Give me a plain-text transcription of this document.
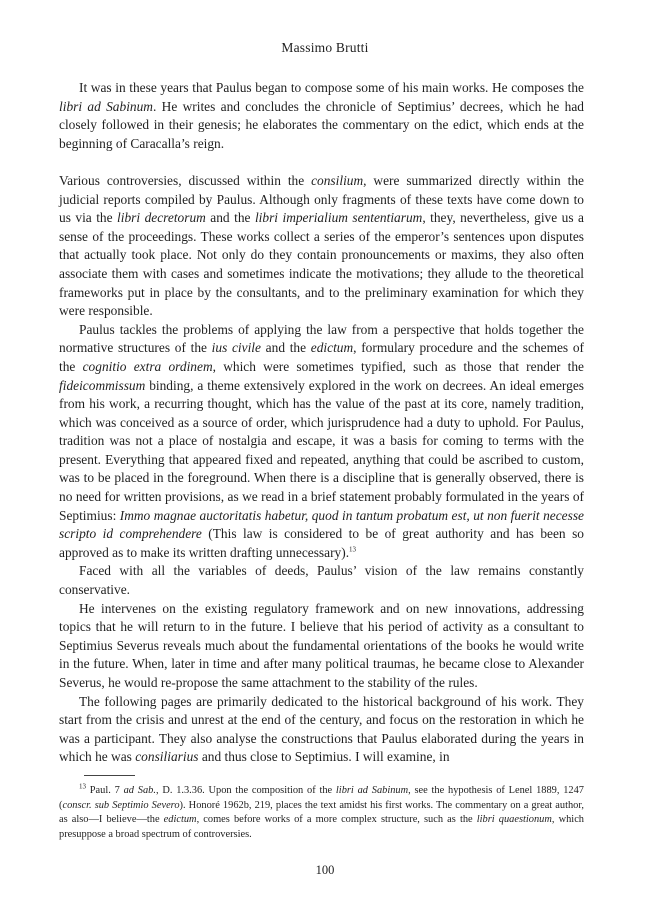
Massimo Brutti

It was in these years that Paulus began to compose some of his main works. He composes the libri ad Sabinum. He writes and concludes the chronicle of Septimius’ decrees, which he had closely followed in their genesis; he elaborates the commentary on the edict, which ends at the beginning of Caracalla’s reign.

Various controversies, discussed within the consilium, were summarized directly within the judicial reports compiled by Paulus. Although only fragments of these texts have come down to us via the libri decretorum and the libri imperialium sententiarum, they, nevertheless, give us a sense of the proceedings. These works collect a series of the emperor’s sentences upon disputes that actually took place. Not only do they contain pronouncements or maxims, they also often associate them with cases and sometimes indicate the motivations; they allude to the theoretical frameworks put in place by the consultants, and to the preliminary examination for which they were responsible.

Paulus tackles the problems of applying the law from a perspective that holds together the normative structures of the ius civile and the edictum, formulary procedure and the schemes of the cognitio extra ordinem, which were sometimes typified, such as those that render the fideicommissum binding, a theme extensively explored in the work on decrees. An ideal emerges from his work, a recurring thought, which has the value of the past at its core, namely tradition, which was conceived as a source of order, which jurisprudence had a duty to uphold. For Paulus, tradition was not a place of nostalgia and escape, it was a basis for coming to terms with the present. Everything that appeared fixed and repeated, anything that could be ascribed to custom, was to be placed in the foreground. When there is a discipline that is generally observed, there is no need for written provisions, as we read in a brief statement probably formulated in the years of Septimius: Immo magnae auctoritatis habetur, quod in tantum probatum est, ut non fuerit necesse scripto id comprehendere (This law is considered to be of great authority and has been so approved as to make its written drafting unnecessary).$^{13}$

Faced with all the variables of deeds, Paulus’ vision of the law remains constantly conservative.

He intervenes on the existing regulatory framework and on new innovations, addressing topics that he will return to in the future. I believe that his period of activity as a consultant to Septimius Severus reveals much about the fundamental orientations of the books he would write in the future. When, later in time and after many political traumas, he became close to Alexander Severus, he would re-propose the same attachment to the stability of the rules.

The following pages are primarily dedicated to the historical background of his work. They start from the crisis and unrest at the end of the century, and focus on the restoration in which he was a participant. They also analyse the constructions that Paulus elaborated during the years in which he was consiliarius and thus close to Septimius. I will examine, in

$^{13}$ Paul. 7 ad Sab., D. 1.3.36. Upon the composition of the libri ad Sabinum, see the hypothesis of Lenel 1889, 1247 (conscr. sub Septimio Severo). Honoré 1962b, 219, places the text amidst his first works. The commentary on a great author, as also—I believe—the edictum, comes before works of a more complex structure, such as the libri quaestionum, which presuppose a broad spectrum of controversies.
100
